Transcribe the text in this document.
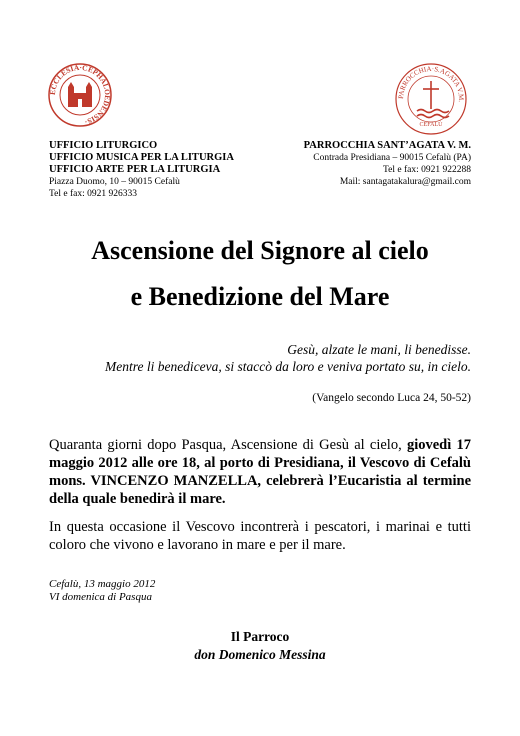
ECCLESIA·CEPHALOEDENSIS·
PARROCCHIA·S.AGATA V.M.
CEFALÙ
UFFICIO LITURGICO
UFFICIO MUSICA PER LA LITURGIA
UFFICIO ARTE PER LA LITURGIA
Piazza Duomo, 10 – 90015 Cefalù
Tel e fax: 0921 926333
PARROCCHIA SANT’AGATA V. M.
Contrada Presidiana – 90015 Cefalù (PA)
Tel e fax: 0921 922288
Mail: santagatakalura@gmail.com
Ascensione del Signore al cielo
e Benedizione del Mare
Gesù, alzate le mani, li benedisse.
Mentre li benediceva, si staccò da loro e veniva portato su, in cielo.
(Vangelo secondo Luca 24, 50-52)
Quaranta giorni dopo Pasqua, Ascensione di Gesù al cielo, giovedì 17 maggio 2012 alle ore 18, al porto di Presidiana, il Vescovo di Cefalù mons. VINCENZO MANZELLA, celebrerà l’Eucaristia al termine della quale benedirà il mare.
In questa occasione il Vescovo incontrerà i pescatori, i marinai e tutti coloro che vivono e lavorano in mare e per il mare.
Cefalù, 13 maggio 2012
VI domenica di Pasqua
Il Parroco
don Domenico Messina
